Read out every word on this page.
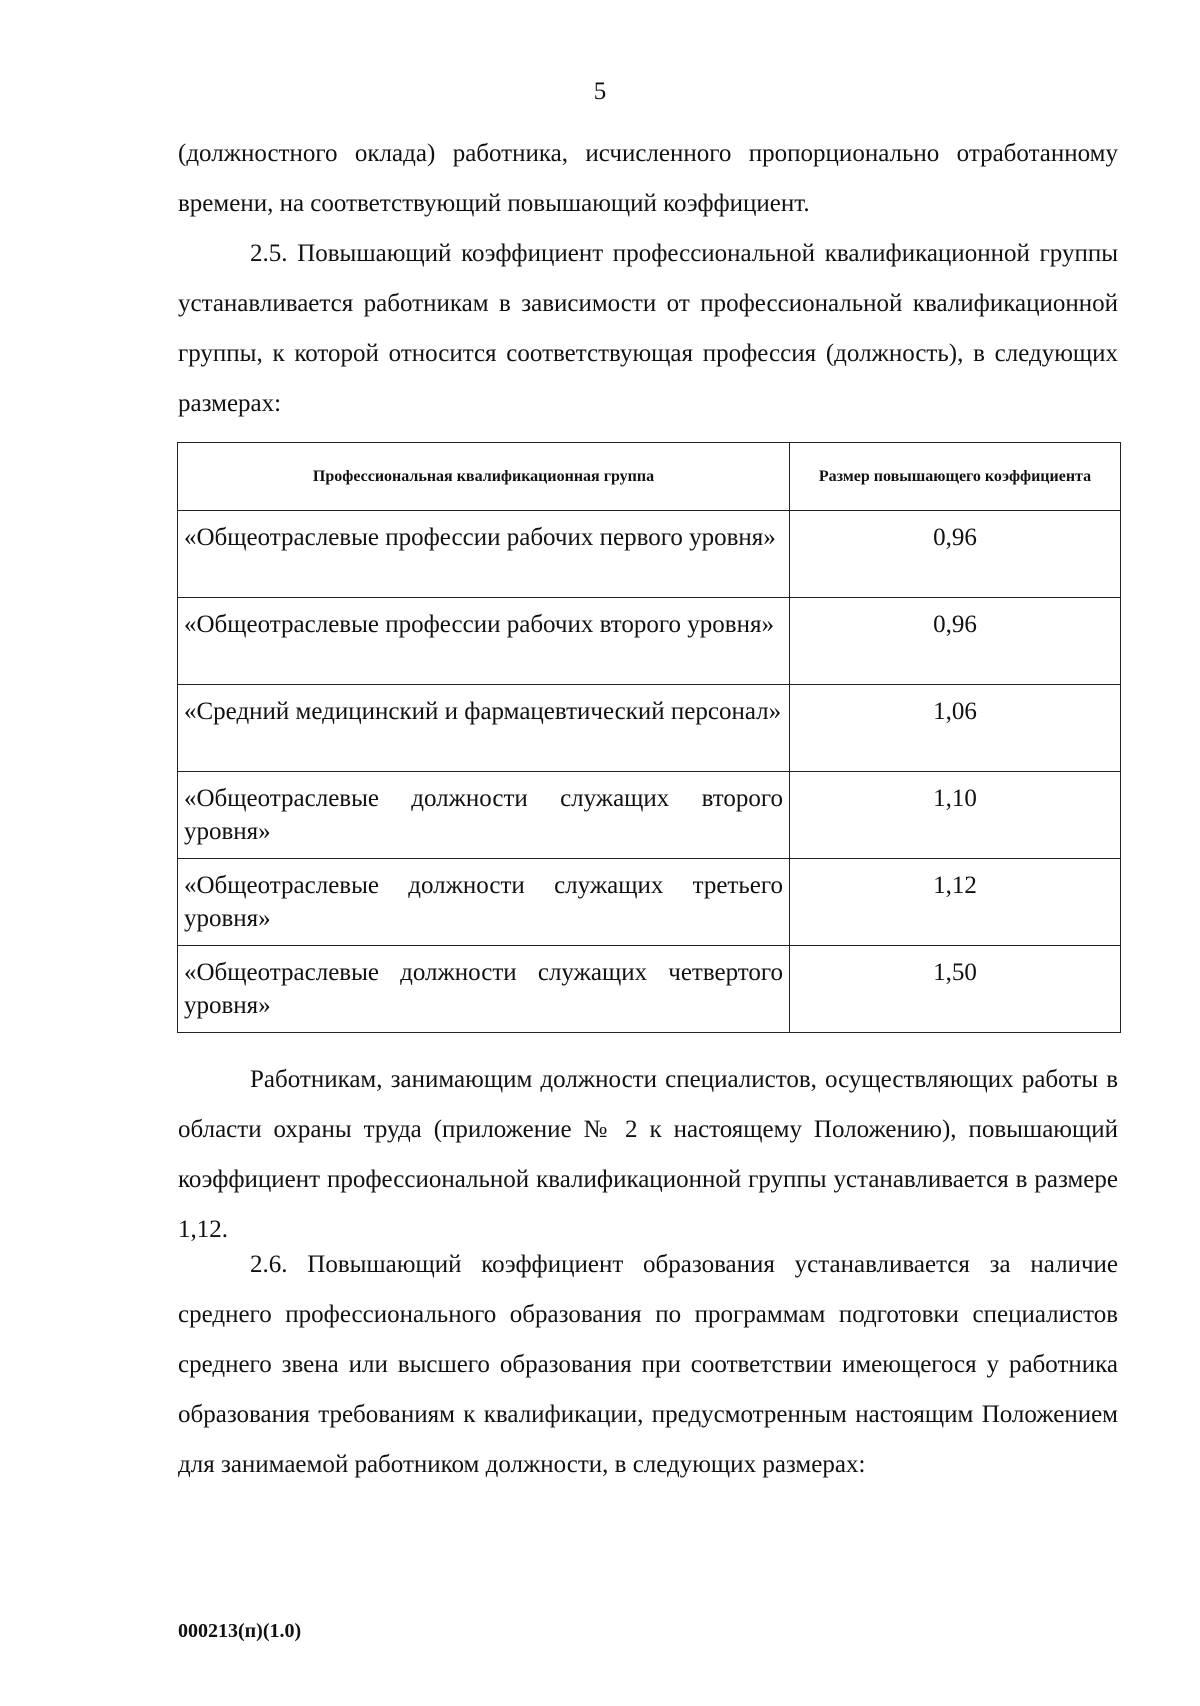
5
(должностного оклада) работника, исчисленного пропорционально отработанному времени, на соответствующий повышающий коэффициент.
2.5. Повышающий коэффициент профессиональной квалификационной группы устанавливается работникам в зависимости от профессиональной квалификационной группы, к которой относится соответствующая профессия (должность), в следующих размерах:
Профессиональная квалификационная группа	Размер повышающего коэффициента
«Общеотраслевые профессии рабочих первого уровня»	0,96
«Общеотраслевые профессии рабочих второго уровня»	0,96
«Средний медицинский и фармацевтический персонал»	1,06
«Общеотраслевые должности служащих второго уровня»	1,10
«Общеотраслевые должности служащих третьего уровня»	1,12
«Общеотраслевые должности служащих четвертого уровня»	1,50
Работникам, занимающим должности специалистов, осуществляющих работы в области охраны труда (приложение № 2 к настоящему Положению), повышающий коэффициент профессиональной квалификационной группы устанавливается в размере 1,12.
2.6. Повышающий коэффициент образования устанавливается за наличие среднего профессионального образования по программам подготовки специалистов среднего звена или высшего образования при соответствии имеющегося у работника образования требованиям к квалификации, предусмотренным настоящим Положением для занимаемой работником должности, в следующих размерах:
000213(п)(1.0)
